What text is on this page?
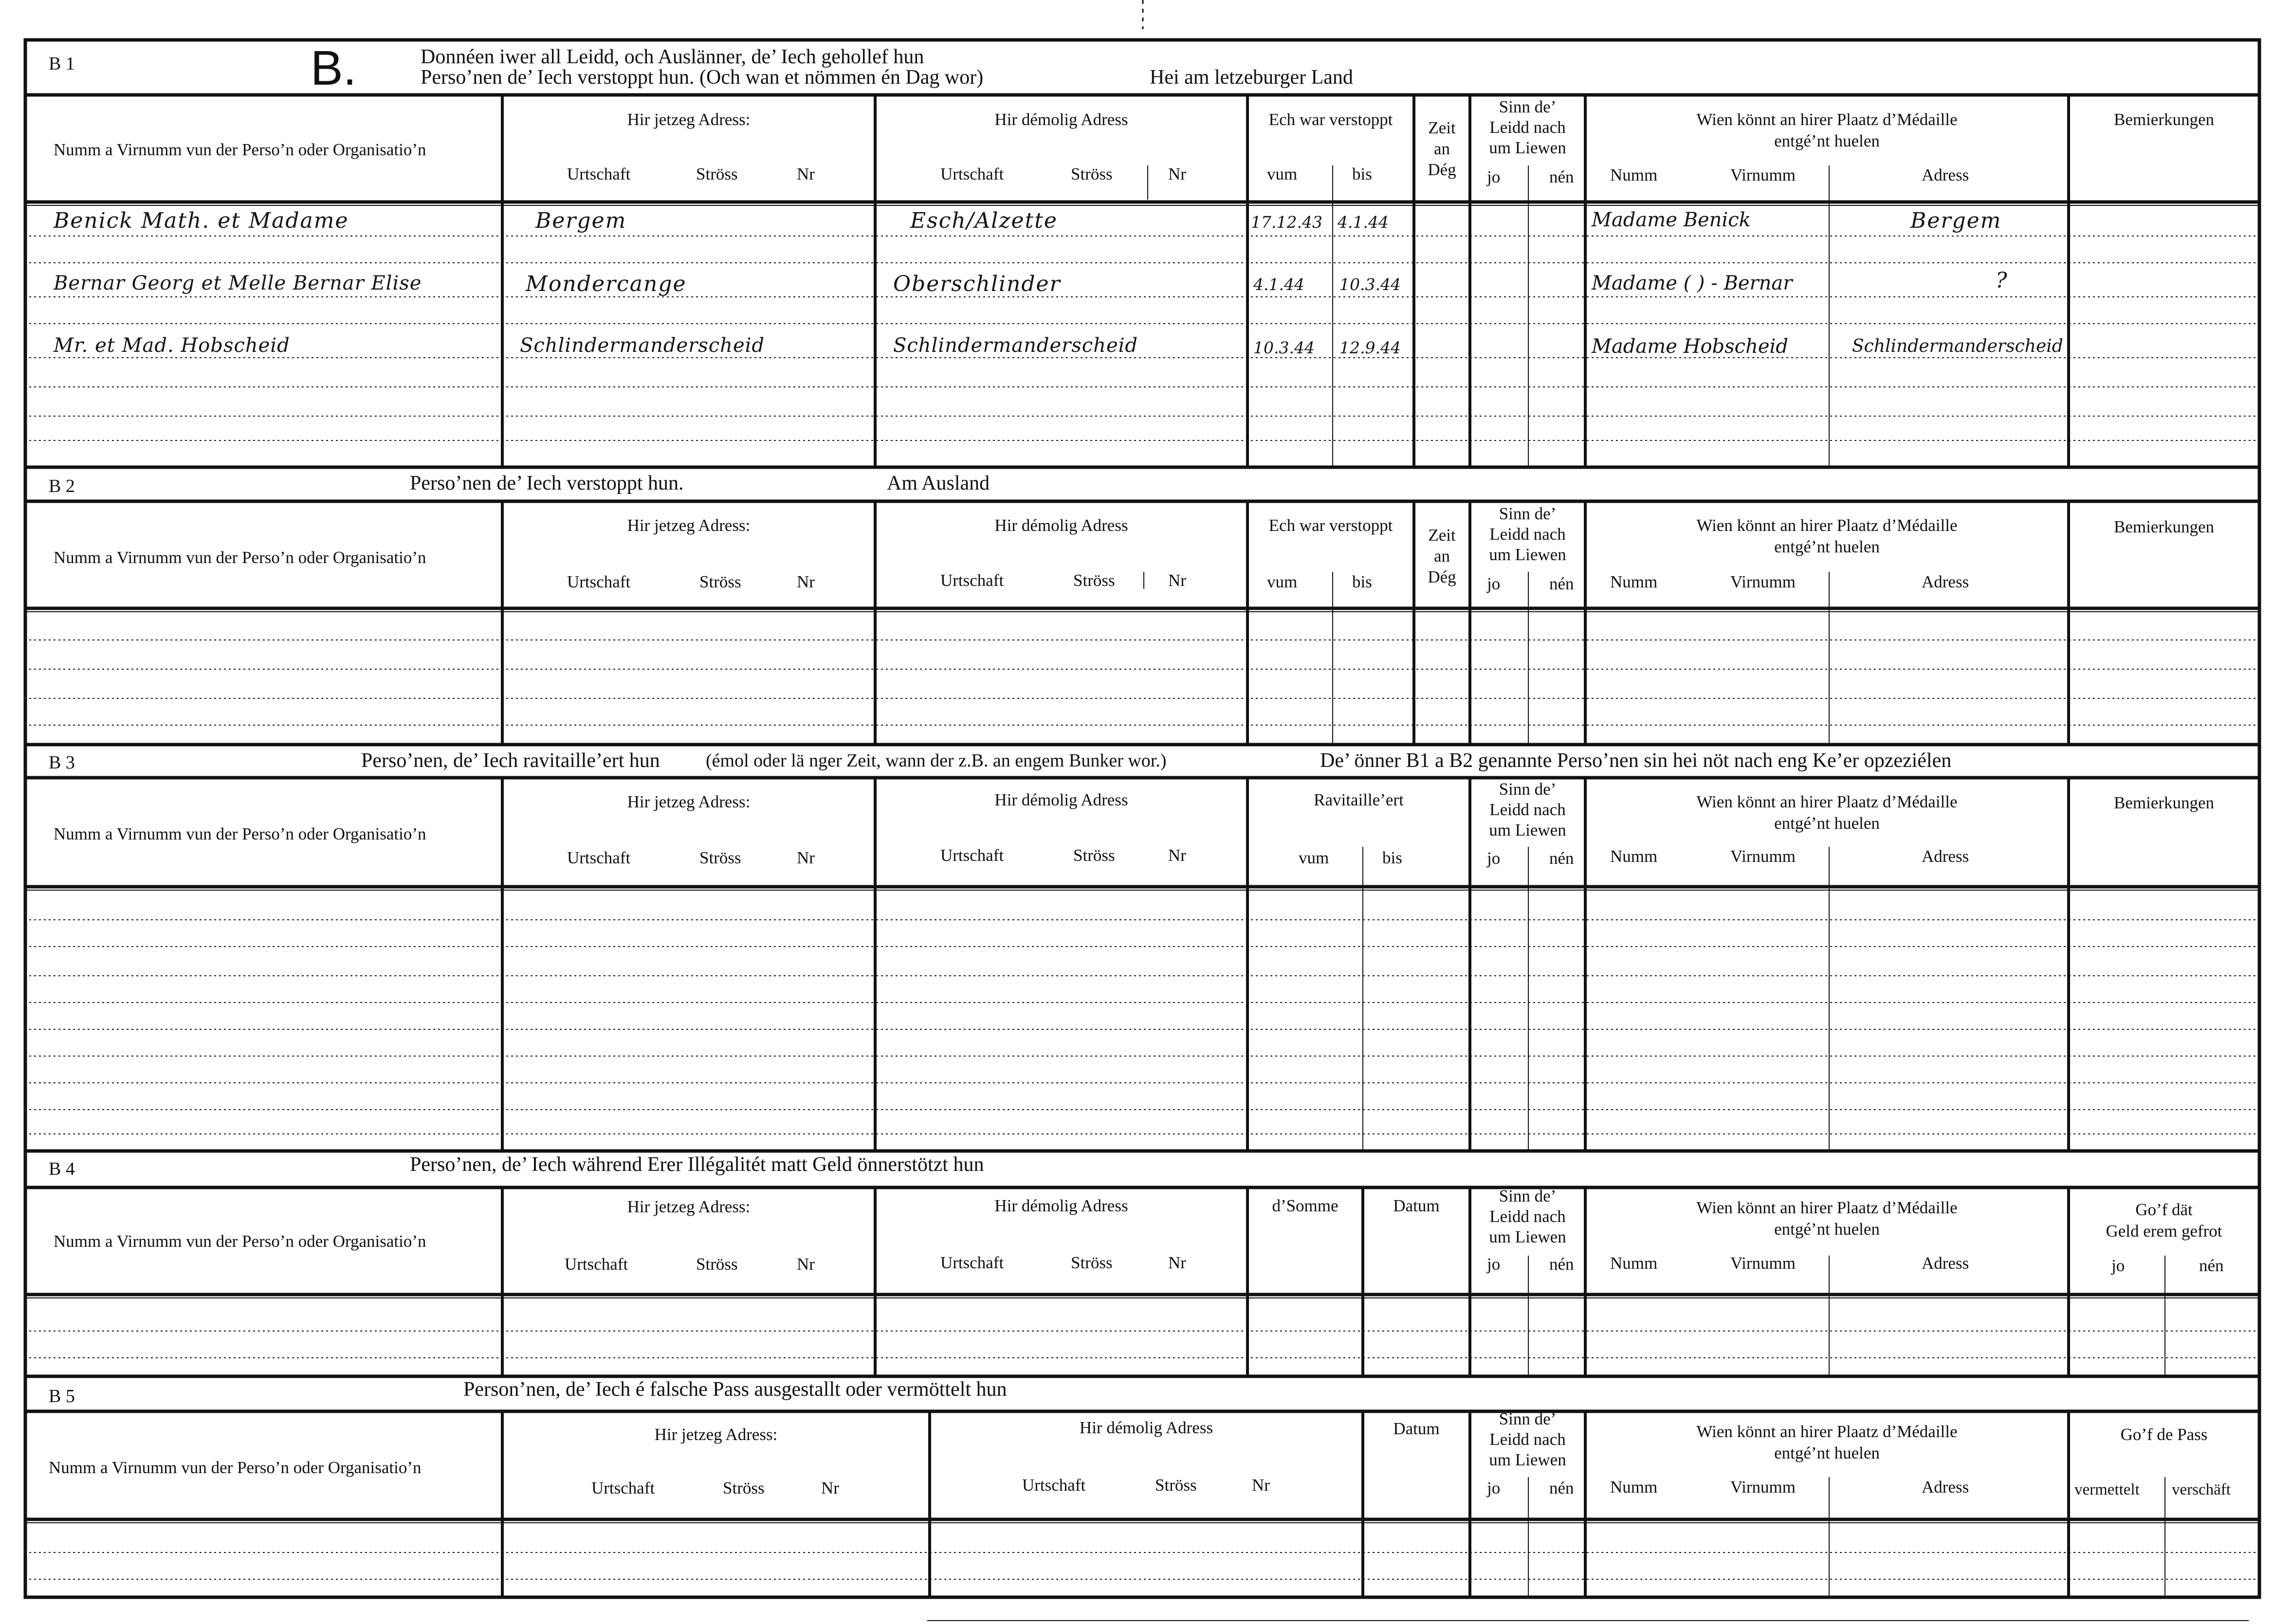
B 1	B.	Donnéen iwer all Leidd, och Auslänner, de’ Iech gehollef hun
Perso’nen de’ Iech verstoppt hun. (Och wan et nömmen én Dag wor)	Hei am letzeburger Land
Numm a Virnumm vun der Perso’n oder Organisatio’n
Hir jetzeg Adress:
Urtschaft	Ströss	Nr
Hir démolig Adress
Urtschaft	Ströss	Nr
Ech war verstoppt
vum	bis
Zeit
an
Dég
Sinn de’
Leidd nach
um Liewen
jo	nén
Wien könnt an hirer Plaatz d’Médaille
entgé’nt huelen
Numm	Virnumm	Adress
Bemierkungen
Benick Math. et Madame	Bergem	Esch/Alzette	17.12.43 4.1.44	Madame Benick	Bergem
Bernar Georg et Melle Bernar Elise	Mondercange	Oberschlinder	4.1.44 10.3.44	Madame ( ) - Bernar	?
Mr. et Mad. Hobscheid	Schlindermanderscheid	Schlindermanderscheid	10.3.44 12.9.44	Madame Hobscheid	Schlindermanderscheid
B 2	Perso’nen de’ Iech verstoppt hun.	Am Ausland
Numm a Virnumm vun der Perso’n oder Organisatio’n
Hir jetzeg Adress:
Urtschaft	Ströss	Nr
Hir démolig Adress
Urtschaft	Ströss	Nr
Ech war verstoppt
vum	bis
Zeit
an
Dég
Sinn de’
Leidd nach
um Liewen
jo	nén
Wien könnt an hirer Plaatz d’Médaille
entgé’nt huelen
Numm	Virnumm	Adress
Bemierkungen
B 3	Perso’nen, de’ Iech ravitaille’ert hun (émol oder lä nger Zeit, wann der z.B. an engem Bunker wor.)	De’ önner B1 a B2 genannte Perso’nen sin hei nöt nach eng Ke’er opzeziélen
Numm a Virnumm vun der Perso’n oder Organisatio’n
Hir jetzeg Adress:
Urtschaft	Ströss	Nr
Hir démolig Adress
Urtschaft	Ströss	Nr
Ravitaille’ert
vum	bis
Sinn de’
Leidd nach
um Liewen
jo	nén
Wien könnt an hirer Plaatz d’Médaille
entgé’nt huelen
Numm	Virnumm	Adress
Bemierkungen
B 4	Perso’nen, de’ Iech während Erer Illégalitét matt Geld önnerstötzt hun
Numm a Virnumm vun der Perso’n oder Organisatio’n
Hir jetzeg Adress:
Urtschaft	Ströss	Nr
Hir démolig Adress
Urtschaft	Ströss	Nr
d’Somme	Datum
Sinn de’
Leidd nach
um Liewen
jo	nén
Wien könnt an hirer Plaatz d’Médaille
entgé’nt huelen
Numm	Virnumm	Adress
Go’f dät
Geld erem gefrot
jo	nén
B 5	Person’nen, de’ Iech é falsche Pass ausgestallt oder vermöttelt hun
Numm a Virnumm vun der Perso’n oder Organisatio’n
Hir jetzeg Adress:
Urtschaft	Ströss	Nr
Hir démolig Adress
Urtschaft	Ströss	Nr
Datum
Sinn de’
Leidd nach
um Liewen
jo	nén
Wien könnt an hirer Plaatz d’Médaille
entgé’nt huelen
Numm	Virnumm	Adress
Go’f de Pass
vermettelt verschäft
